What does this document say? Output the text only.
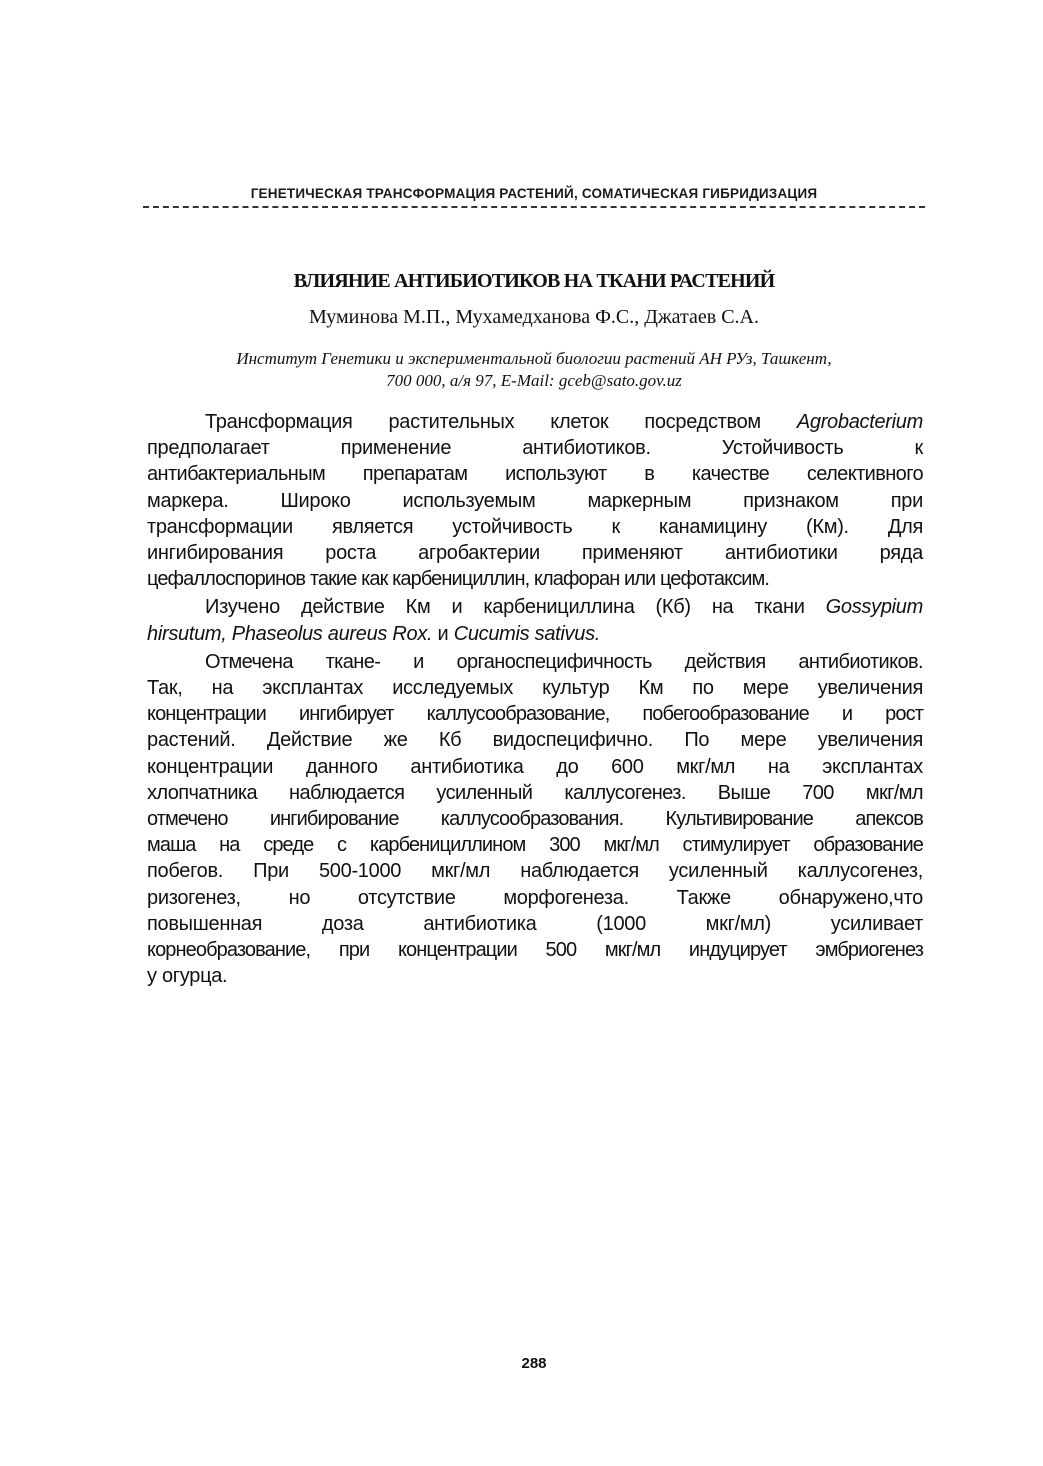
ГЕНЕТИЧЕСКАЯ ТРАНСФОРМАЦИЯ РАСТЕНИЙ, СОМАТИЧЕСКАЯ ГИБРИДИЗАЦИЯ
ВЛИЯНИЕ АНТИБИОТИКОВ НА ТКАНИ РАСТЕНИЙ
Муминова М.П., Мухамедханова Ф.С., Джатаев С.А.
Институт Генетики и экспериментальной биологии растений АН РУз, Ташкент,
700 000, а/я 97, E-Mail: gceb@sato.gov.uz
Трансформация растительных клеток посредством Agrobacterium
предполагает применение антибиотиков. Устойчивость к
антибактериальным препаратам используют в качестве селективного
маркера. Широко используемым маркерным признаком при
трансформации является устойчивость к канамицину (Км). Для
ингибирования роста агробактерии применяют антибиотики ряда
цефаллоспоринов такие как карбенициллин, клафоран или цефотаксим.
Изучено действие Км и карбенициллина (Кб) на ткани Gossypium
hirsutum, Phaseolus aureus Rox. и Cucumis sativus.
Отмечена ткане- и органоспецифичность действия антибиотиков.
Так, на эксплантах исследуемых культур Км по мере увеличения
концентрации ингибирует каллусообразование, побегообразование и рост
растений. Действие же Кб видоспецифично. По мере увеличения
концентрации данного антибиотика до 600 мкг/мл на эксплантах
хлопчатника наблюдается усиленный каллусогенез. Выше 700 мкг/мл
отмечено ингибирование каллусообразования. Культивирование апексов
маша на среде с карбенициллином 300 мкг/мл стимулирует образование
побегов. При 500-1000 мкг/мл наблюдается усиленный каллусогенез,
ризогенез, но отсутствие морфогенеза. Также обнаружено,что
повышенная доза антибиотика (1000 мкг/мл) усиливает
корнеобразование, при концентрации 500 мкг/мл индуцирует эмбриогенез
у огурца.
288
